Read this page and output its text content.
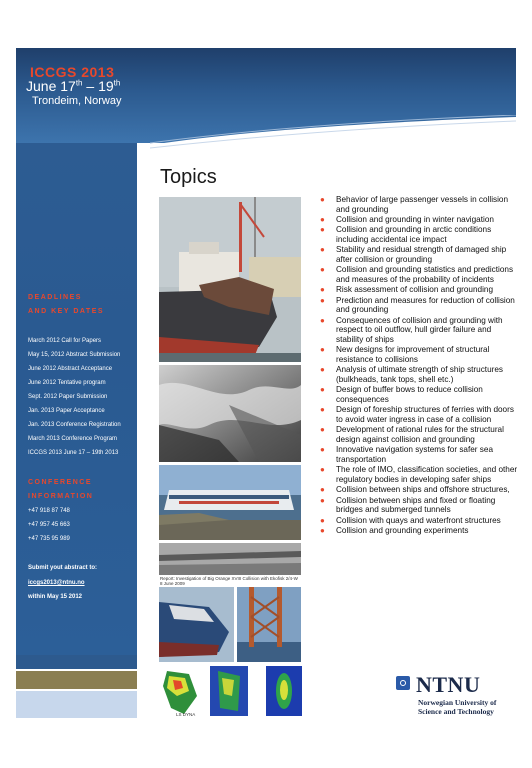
ICCGS 2013
June 17th – 19th
Trondeim, Norway
DEADLINES
AND KEY DATES
March 2012 Call for Papers
May 15, 2012 Abstract Submission
June 2012 Abstract Acceptance
June 2012 Tentative program
Sept. 2012 Paper Submission
Jan. 2013 Paper Acceptance
Jan. 2013 Conference Registration
March 2013 Conference Program
ICCGS 2013 June 17 – 19th 2013
CONFERENCE
INFORMATION
+47 918 87 748
+47 957 45 663
+47 735 95 989
Submit yout abstract to:
iccgs2013@ntnu.no
within May 15 2012
Topics
Report: Investigation of Big Orange XVIII Collision with Ekofisk 2/4-W 8 June 2009
LS DYNA
● Behavior of large passenger vessels in collision and grounding
● Collision and grounding in winter navigation
● Collision and grounding in arctic conditions including accidental ice impact
● Stability and residual strength of damaged ship after collision or grounding
● Collision and grounding statistics and predictions and measures of the probability of incidents
● Risk assessment of collision and grounding
● Prediction and measures for reduction of collision and grounding
● Consequences of collision and grounding with respect to oil outflow, hull girder failure and stability of ships
● New designs for improvement of structural resistance to collisions
● Analysis of ultimate strength of ship structures (bulkheads, tank tops, shell etc.)
● Design of buffer bows to reduce collision consequences
● Design of foreship structures of ferries with doors to avoid water ingress in case of a collision
● Development of rational rules for the structural design against collision and grounding
● Innovative navigation systems for safer sea transportation
● The role of IMO, classification societies, and other regulatory bodies in developing safer ships
● Collision between ships and offshore structures,
● Collision between ships and fixed or floating bridges and submerged tunnels
● Collision with quays and waterfront structures
● Collision and grounding experiments
NTNU
Norwegian University of
Science and Technology
